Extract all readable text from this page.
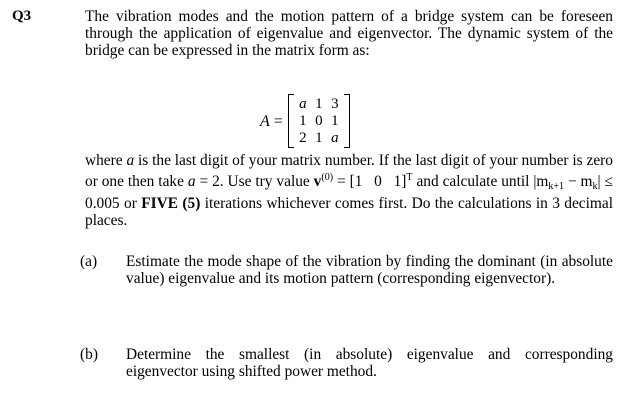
Q3	The vibration modes and the motion pattern of a bridge system can be foreseen through the application of eigenvalue and eigenvector. The dynamic system of the bridge can be expressed in the matrix form as:

A =
a 1 3
1 0 1
2 1 a

where a is the last digit of your matrix number. If the last digit of your number is zero or one then take a = 2. Use try value $v^{(0)} = [1$   0   1]$^T$ and calculate until $|m_{k+1} - m_k| \le 0.005$ or FIVE (5) iterations whichever comes first. Do the calculations in 3 decimal places.

(a)	Estimate the mode shape of the vibration by finding the dominant (in absolute value) eigenvalue and its motion pattern (corresponding eigenvector).

(b)	Determine the smallest (in absolute) eigenvalue and corresponding eigenvector using shifted power method.
